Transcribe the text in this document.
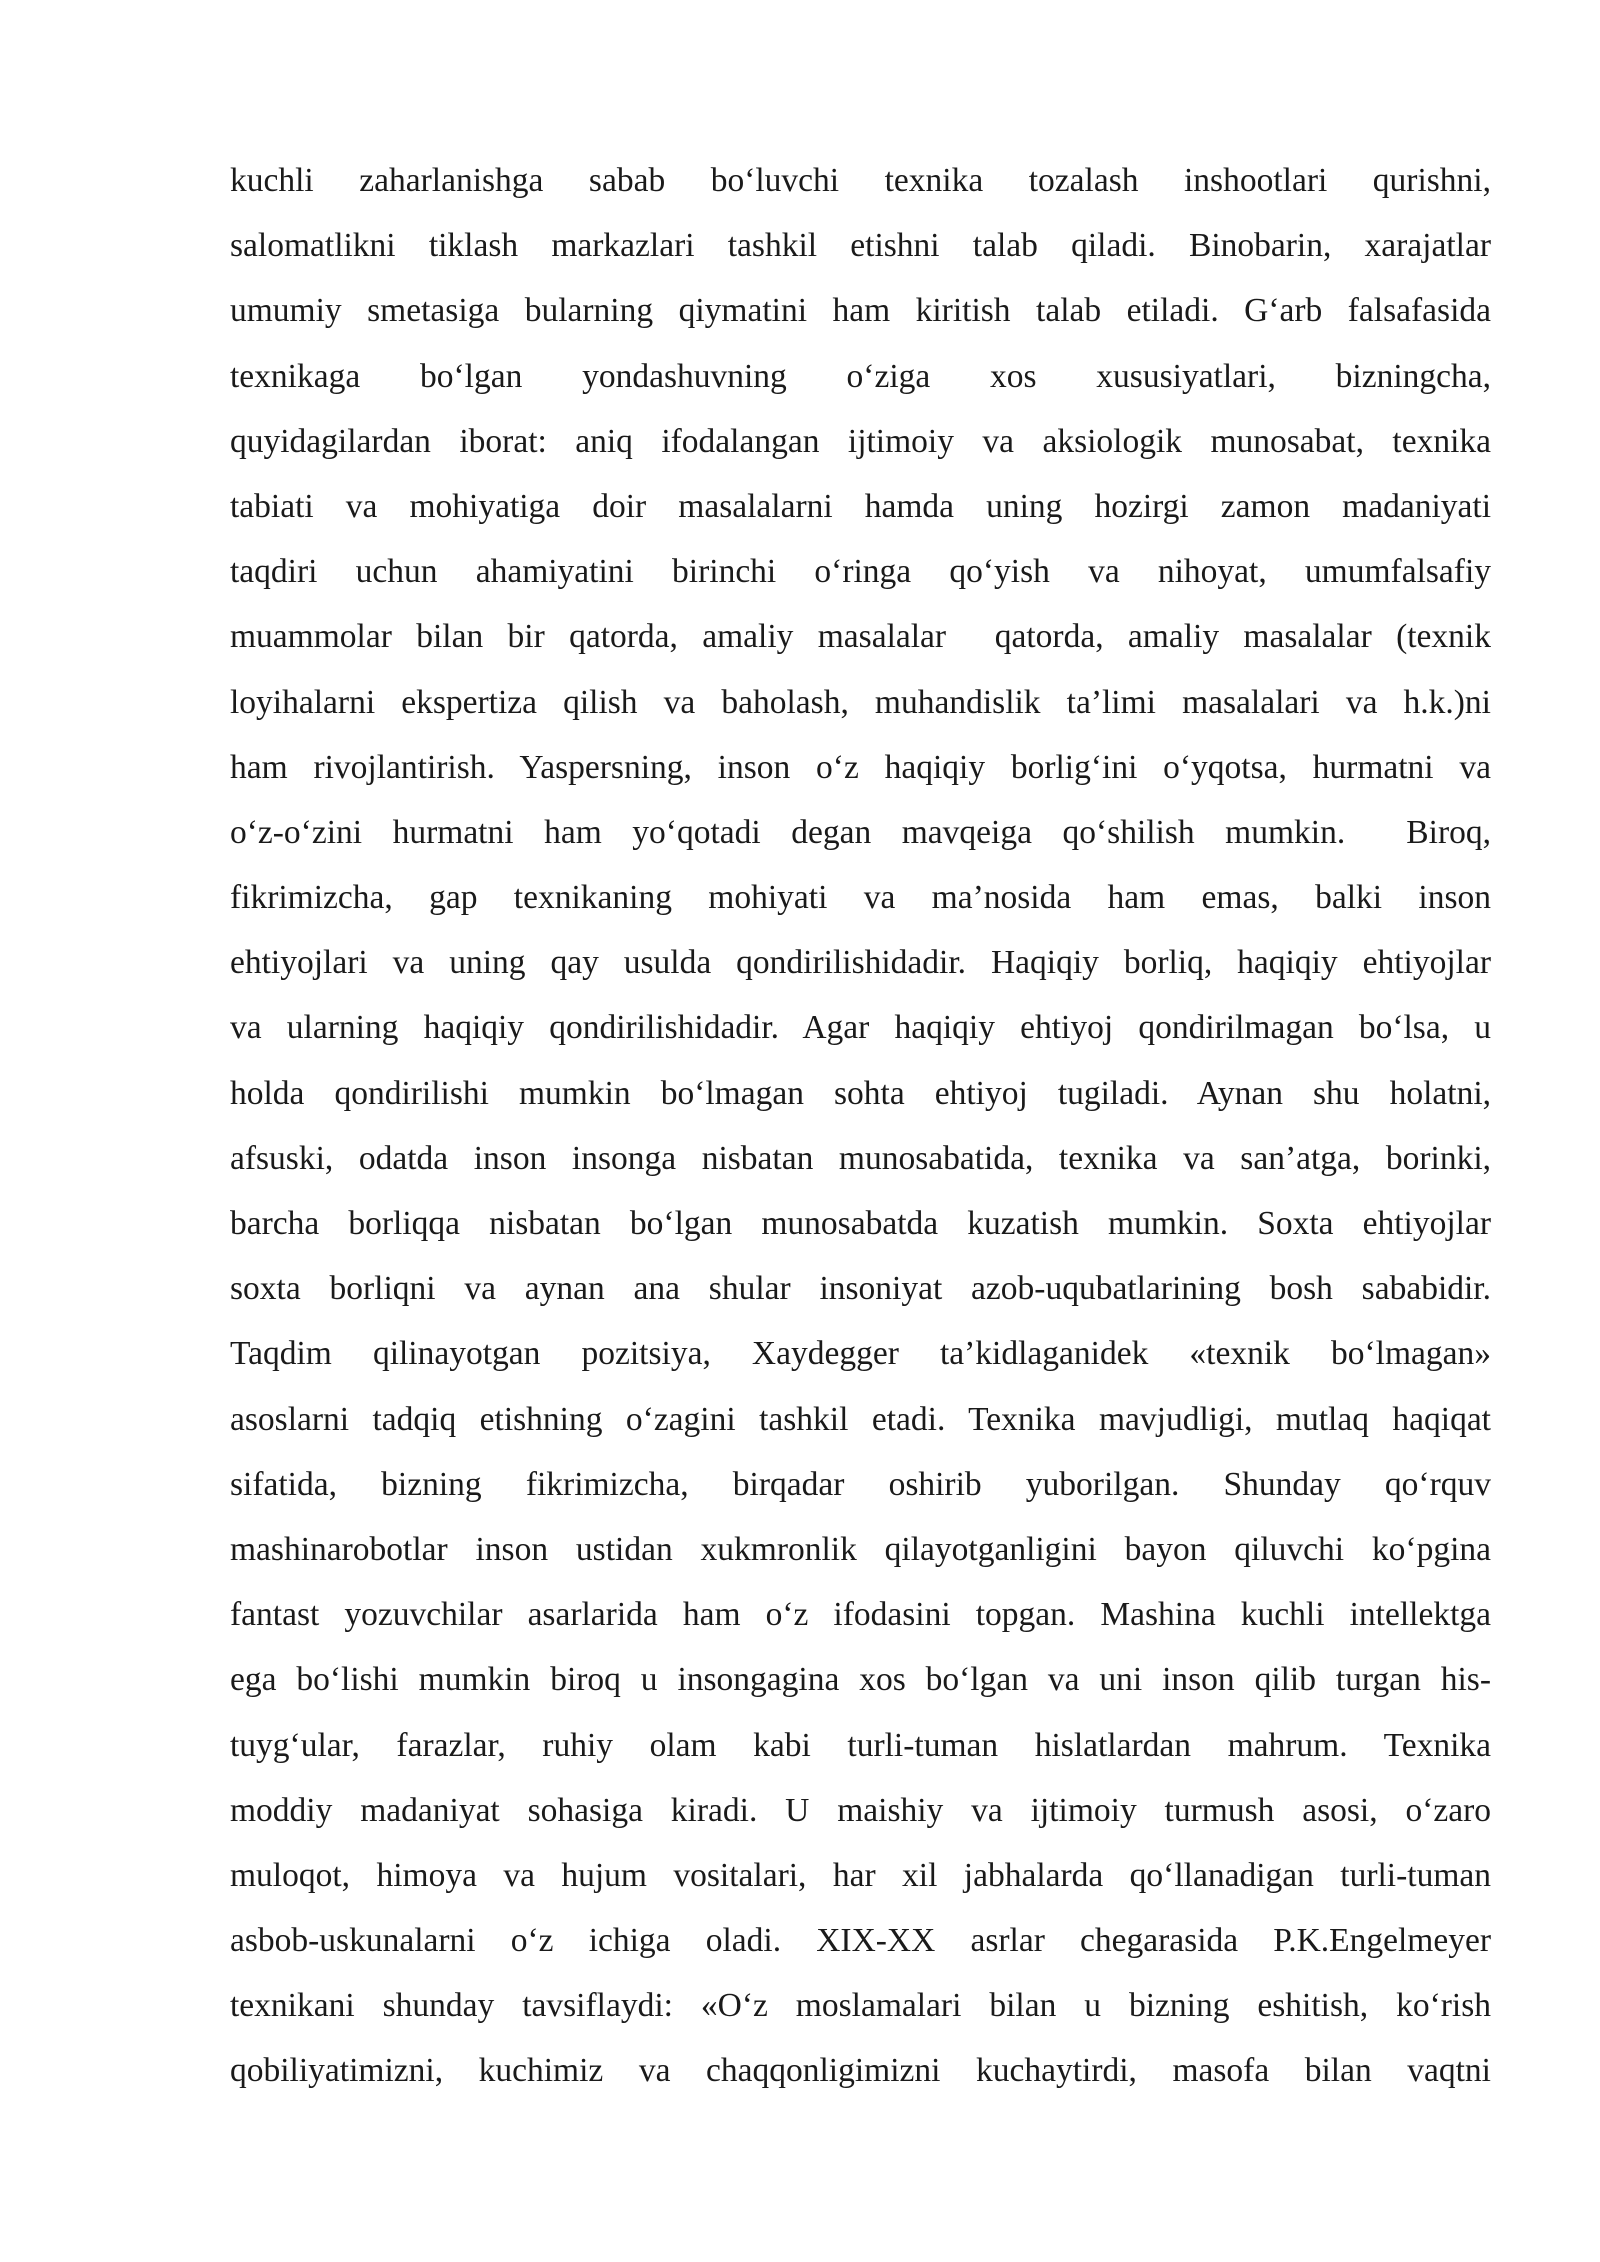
kuchli zaharlanishga sabab bo‘luvchi texnika tozalash inshootlari qurishni,
salomatlikni tiklash markazlari tashkil etishni talab qiladi. Binobarin, xarajatlar
umumiy smetasiga bularning qiymatini ham kiritish talab etiladi. G‘arb falsafasida
texnikaga bo‘lgan yondashuvning o‘ziga xos xususiyatlari, bizningcha,
quyidagilardan iborat: aniq ifodalangan ijtimoiy va aksiologik munosabat, texnika
tabiati va mohiyatiga doir masalalarni hamda uning hozirgi zamon madaniyati
taqdiri uchun ahamiyatini birinchi o‘ringa qo‘yish va nihoyat, umumfalsafiy
muammolar bilan bir qatorda, amaliy masalalar  qatorda, amaliy masalalar (texnik
loyihalarni ekspertiza qilish va baholash, muhandislik ta’limi masalalari va h.k.)ni
ham rivojlantirish. Yaspersning, inson o‘z haqiqiy borlig‘ini o‘yqotsa, hurmatni va
o‘z-o‘zini hurmatni ham yo‘qotadi degan mavqeiga qo‘shilish mumkin.  Biroq,
fikrimizcha, gap texnikaning mohiyati va ma’nosida ham emas, balki inson
ehtiyojlari va uning qay usulda qondirilishidadir. Haqiqiy borliq, haqiqiy ehtiyojlar
va ularning haqiqiy qondirilishidadir. Agar haqiqiy ehtiyoj qondirilmagan bo‘lsa, u
holda qondirilishi mumkin bo‘lmagan sohta ehtiyoj tugiladi. Aynan shu holatni,
afsuski, odatda inson insonga nisbatan munosabatida, texnika va san’atga, borinki,
barcha borliqqa nisbatan bo‘lgan munosabatda kuzatish mumkin. Soxta ehtiyojlar
soxta borliqni va aynan ana shular insoniyat azob-uqubatlarining bosh sababidir.
Taqdim qilinayotgan pozitsiya, Xaydegger ta’kidlaganidek «texnik bo‘lmagan»
asoslarni tadqiq etishning o‘zagini tashkil etadi. Texnika mavjudligi, mutlaq haqiqat
sifatida, bizning fikrimizcha, birqadar oshirib yuborilgan. Shunday qo‘rquv
mashinarobotlar inson ustidan xukmronlik qilayotganligini bayon qiluvchi ko‘pgina
fantast yozuvchilar asarlarida ham o‘z ifodasini topgan. Mashina kuchli intellektga
ega bo‘lishi mumkin biroq u insongagina xos bo‘lgan va uni inson qilib turgan his-
tuyg‘ular, farazlar, ruhiy olam kabi turli-tuman hislatlardan mahrum. Texnika
moddiy madaniyat sohasiga kiradi. U maishiy va ijtimoiy turmush asosi, o‘zaro
muloqot, himoya va hujum vositalari, har xil jabhalarda qo‘llanadigan turli-tuman
asbob-uskunalarni o‘z ichiga oladi. XIX-XX asrlar chegarasida P.K.Engelmeyer
texnikani shunday tavsiflaydi: «O‘z moslamalari bilan u bizning eshitish, ko‘rish
qobiliyatimizni, kuchimiz va chaqqonligimizni kuchaytirdi, masofa bilan vaqtni
